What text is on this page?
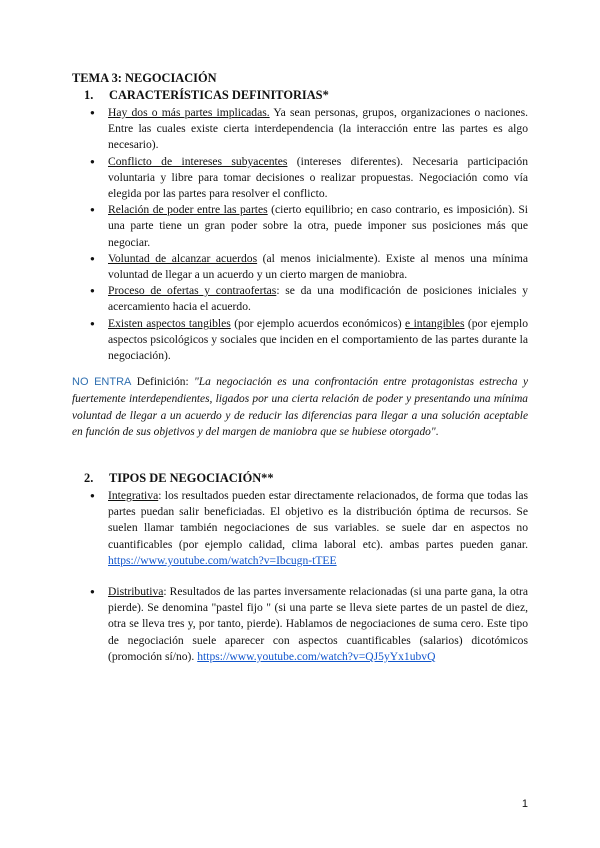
TEMA 3: NEGOCIACIÓN
1. CARACTERÍSTICAS DEFINITORIAS*
● Hay dos o más partes implicadas. Ya sean personas, grupos, organizaciones o naciones. Entre las cuales existe cierta interdependencia (la interacción entre las partes es algo necesario).
● Conflicto de intereses subyacentes (intereses diferentes). Necesaria participación voluntaria y libre para tomar decisiones o realizar propuestas. Negociación como vía elegida por las partes para resolver el conflicto.
● Relación de poder entre las partes (cierto equilibrio; en caso contrario, es imposición). Si una parte tiene un gran poder sobre la otra, puede imponer sus posiciones más que negociar.
● Voluntad de alcanzar acuerdos (al menos inicialmente). Existe al menos una mínima voluntad de llegar a un acuerdo y un cierto margen de maniobra.
● Proceso de ofertas y contraofertas: se da una modificación de posiciones iniciales y acercamiento hacia el acuerdo.
● Existen aspectos tangibles (por ejemplo acuerdos económicos) e intangibles (por ejemplo aspectos psicológicos y sociales que inciden en el comportamiento de las partes durante la negociación).
NO ENTRA Definición: "La negociación es una confrontación entre protagonistas estrecha y fuertemente interdependientes, ligados por una cierta relación de poder y presentando una mínima voluntad de llegar a un acuerdo y de reducir las diferencias para llegar a una solución aceptable en función de sus objetivos y del margen de maniobra que se hubiese otorgado".
2. TIPOS DE NEGOCIACIÓN**
● Integrativa: los resultados pueden estar directamente relacionados, de forma que todas las partes puedan salir beneficiadas. El objetivo es la distribución óptima de recursos. Se suelen llamar también negociaciones de sus variables. se suele dar en aspectos no cuantificables (por ejemplo calidad, clima laboral etc). ambas partes pueden ganar. https://www.youtube.com/watch?v=Ibcugn-tTEE
● Distributiva: Resultados de las partes inversamente relacionadas (si una parte gana, la otra pierde). Se denomina "pastel fijo " (si una parte se lleva siete partes de un pastel de diez, otra se lleva tres y, por tanto, pierde). Hablamos de negociaciones de suma cero. Este tipo de negociación suele aparecer con aspectos cuantificables (salarios) dicotómicos (promoción sí/no). https://www.youtube.com/watch?v=QJ5yYx1ubvQ
1
